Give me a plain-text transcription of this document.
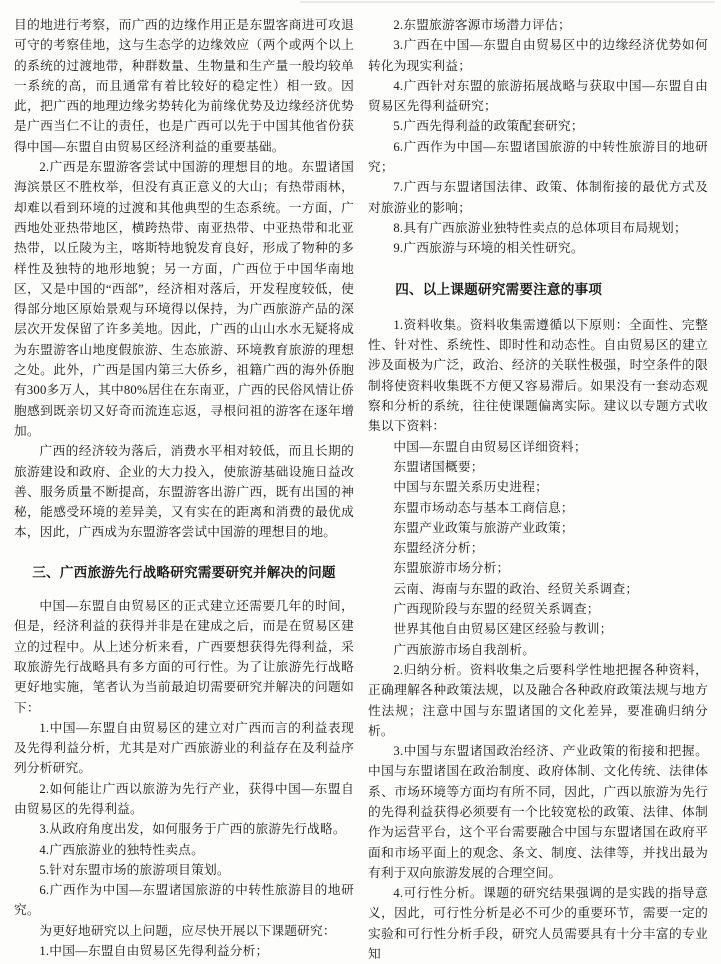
目的地进行考察，而广西的边缘作用正是东盟客商进可攻退可守的考察佳地，这与生态学的边缘效应（两个或两个以上的系统的过渡地带，种群数量、生物量和生产量一般均较单一系统的高，而且通常有着比较好的稳定性）相一致。因此，把广西的地理边缘劣势转化为前缘优势及边缘经济优势是广西当仁不让的责任，也是广西可以先于中国其他省份获得中国—东盟自由贸易区经济利益的重要基础。

2.广西是东盟游客尝试中国游的理想目的地。东盟诸国海滨景区不胜枚举，但没有真正意义的大山；有热带雨林，却难以看到环境的过渡和其他典型的生态系统。一方面，广西地处亚热带地区，横跨热带、南亚热带、中亚热带和北亚热带，以丘陵为主，喀斯特地貌发育良好，形成了物种的多样性及独特的地形地貌；另一方面，广西位于中国华南地区，又是中国的“西部”，经济相对落后，开发程度较低，使得部分地区原始景观与环境得以保持，为广西旅游产品的深层次开发保留了许多美地。因此，广西的山山水水无疑将成为东盟游客山地度假旅游、生态旅游、环境教育旅游的理想之处。此外，广西是国内第三大侨乡，祖籍广西的海外侨胞有300多万人，其中80%居住在东南亚，广西的民俗风情让侨胞感到既亲切又好奇而流连忘返，寻根问祖的游客在逐年增加。

广西的经济较为落后，消费水平相对较低，而且长期的旅游建设和政府、企业的大力投入，使旅游基础设施日益改善、服务质量不断提高，东盟游客出游广西，既有出国的神秘，能感受环境的差异美，又有实在的距离和消费的最优成本，因此，广西成为东盟游客尝试中国游的理想目的地。

三、广西旅游先行战略研究需要研究并解决的问题

中国—东盟自由贸易区的正式建立还需要几年的时间，但是，经济利益的获得并非是在建成之后，而是在贸易区建立的过程中。从上述分析来看，广西要想获得先得利益，采取旅游先行战略具有多方面的可行性。为了让旅游先行战略更好地实施，笔者认为当前最迫切需要研究并解决的问题如下：

1.中国—东盟自由贸易区的建立对广西而言的利益表现及先得利益分析，尤其是对广西旅游业的利益存在及利益序列分析研究。

2.如何能让广西以旅游为先行产业，获得中国—东盟自由贸易区的先得利益。

3.从政府角度出发，如何服务于广西的旅游先行战略。

4.广西旅游业的独特性卖点。

5.针对东盟市场的旅游项目策划。

6.广西作为中国—东盟诸国旅游的中转性旅游目的地研究。

为更好地研究以上问题，应尽快开展以下课题研究：

1.中国—东盟自由贸易区先得利益分析；

2.东盟旅游客源市场潜力评估；

3.广西在中国—东盟自由贸易区中的边缘经济优势如何转化为现实利益；

4.广西针对东盟的旅游拓展战略与获取中国—东盟自由贸易区先得利益研究；

5.广西先得利益的政策配套研究；

6.广西作为中国—东盟诸国旅游的中转性旅游目的地研究；

7.广西与东盟诸国法律、政策、体制衔接的最优方式及对旅游业的影响；

8.具有广西旅游业独特性卖点的总体项目布局规划；

9.广西旅游与环境的相关性研究。

四、以上课题研究需要注意的事项

1.资料收集。资料收集需遵循以下原则：全面性、完整性、针对性、系统性、即时性和动态性。自由贸易区的建立涉及面极为广泛，政治、经济的关联性极强，时空条件的限制将使资料收集既不方便又容易滞后。如果没有一套动态观察和分析的系统，往往使课题偏离实际。建议以专题方式收集以下资料：

中国—东盟自由贸易区详细资料；

东盟诸国概要；

中国与东盟关系历史进程；

东盟市场动态与基本工商信息；

东盟产业政策与旅游产业政策；

东盟经济分析；

东盟旅游市场分析；

云南、海南与东盟的政治、经贸关系调查；

广西现阶段与东盟的经贸关系调查；

世界其他自由贸易区建区经验与教训；

广西旅游市场自我剖析。

2.归纳分析。资料收集之后要科学性地把握各种资料，正确理解各种政策法规，以及融合各种政府政策法规与地方性法规；注意中国与东盟诸国的文化差异，要准确归纳分析。

3.中国与东盟诸国政治经济、产业政策的衔接和把握。中国与东盟诸国在政治制度、政府体制、文化传统、法律体系、市场环境等方面均有所不同，因此，广西以旅游为先行的先得利益获得必须要有一个比较宽松的政策、法律、体制作为运营平台，这个平台需要融合中国与东盟诸国在政府平面和市场平面上的观念、条文、制度、法律等，并找出最为有利于双向旅游发展的合理空间。

4.可行性分析。课题的研究结果强调的是实践的指导意义，因此，可行性分析是必不可少的重要环节，需要一定的实验和可行性分析手段，研究人员需要具有十分丰富的专业知
